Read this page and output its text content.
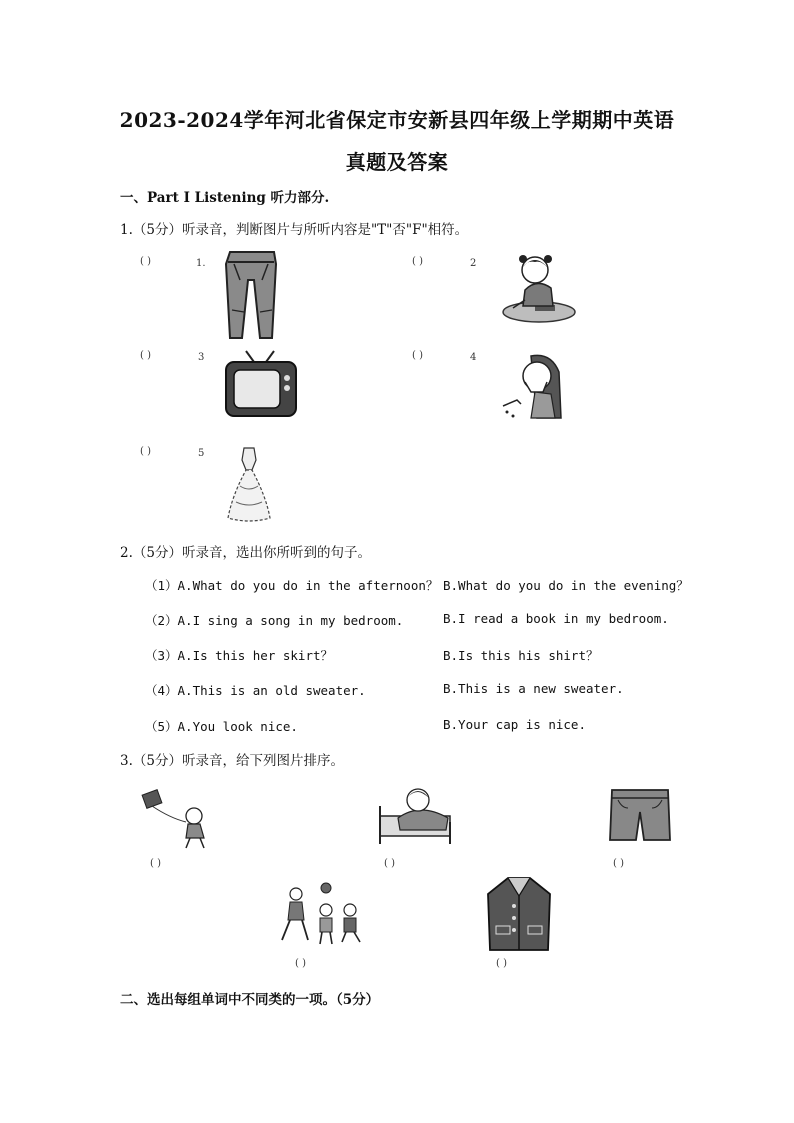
2023-2024学年河北省保定市安新县四年级上学期期中英语
真题及答案
一、Part I Listening 听力部分.
1.（5分）听录音，判断图片与所听内容是"T"否"F"相符。
( )	1.	( )	2
( )	3	( )	4
( )	5
2.（5分）听录音，选出你所听到的句子。
（1）A.What do you do in the afternoon？ B.What do you do in the evening？
（2）A.I sing a song in my bedroom.	B.I read a book in my bedroom.
（3）A.Is this her skirt？	B.Is this his shirt？
（4）A.This is an old sweater.	B.This is a new sweater.
（5）A.You look nice.	B.Your cap is nice.
3.（5分）听录音，给下列图片排序。
( )	( )	( )
( )	( )
二、选出每组单词中不同类的一项。（5分）
